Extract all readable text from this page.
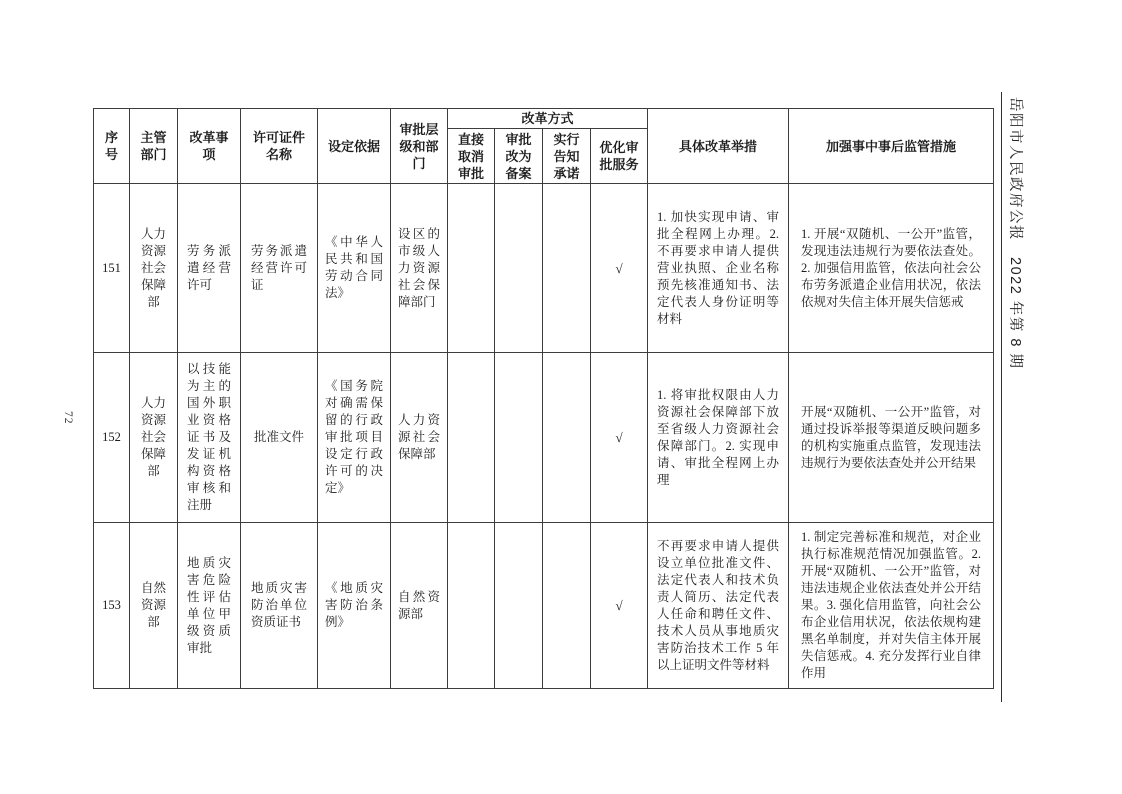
72
岳阳市人民政府公报　2022 年第 8 期
序号	主管部门	改革事项	许可证件名称	设定依据	审批层级和部门	改革方式				具体改革举措	加强事中事后监管措施
						直接取消审批	审批改为备案	实行告知承诺	优化审批服务		
151	人力资源社会保障部	劳务派遣经营许可	劳务派遣经营许可证	《中华人民共和国劳动合同法》	设区的市级人力资源社会保障部门				√	1. 加快实现申请、审批全程网上办理。2. 不再要求申请人提供营业执照、企业名称预先核准通知书、法定代表人身份证明等材料	1. 开展“双随机、一公开”监管，发现违法违规行为要依法查处。2. 加强信用监管，依法向社会公布劳务派遣企业信用状况，依法依规对失信主体开展失信惩戒
152	人力资源社会保障部	以技能为主的国外职业资格证书及发证机构资格审核和注册	批准文件	《国务院对确需保留的行政审批项目设定行政许可的决定》	人力资源社会保障部				√	1. 将审批权限由人力资源社会保障部下放至省级人力资源社会保障部门。2. 实现申请、审批全程网上办理	开展“双随机、一公开”监管，对通过投诉举报等渠道反映问题多的机构实施重点监管，发现违法违规行为要依法查处并公开结果
153	自然资源部	地质灾害危险性评估单位甲级资质审批	地质灾害防治单位资质证书	《地质灾害防治条例》	自然资源部				√	不再要求申请人提供设立单位批准文件、法定代表人和技术负责人简历、法定代表人任命和聘任文件、技术人员从事地质灾害防治技术工作 5 年以上证明文件等材料	1. 制定完善标准和规范，对企业执行标准规范情况加强监管。2. 开展“双随机、一公开”监管，对违法违规企业依法查处并公开结果。3. 强化信用监管，向社会公布企业信用状况，依法依规构建黑名单制度，并对失信主体开展失信惩戒。4. 充分发挥行业自律作用
